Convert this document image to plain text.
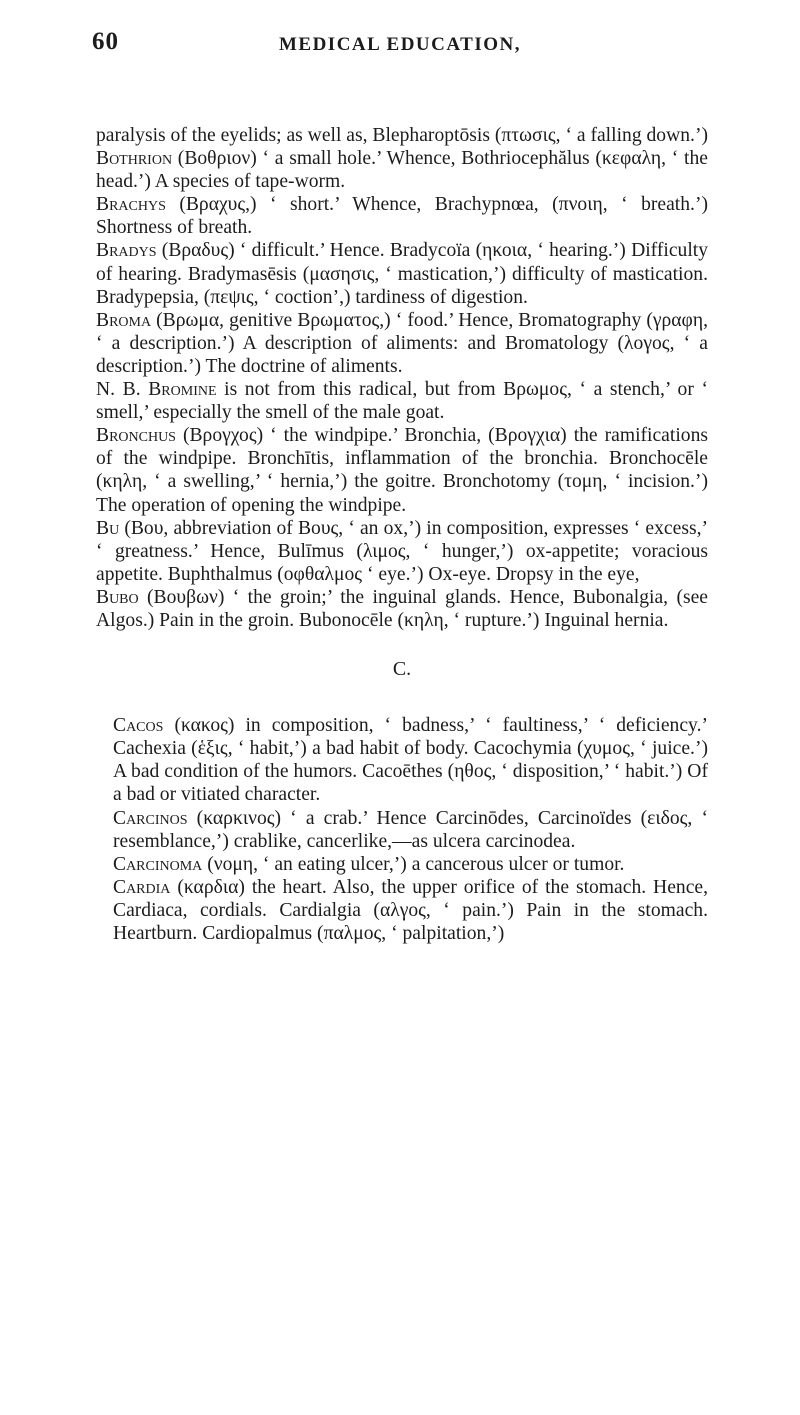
60	MEDICAL EDUCATION,

paralysis of the eyelids; as well as, Blepharoptōsis (πτωσις, ‘ a falling down.’)

Bothrion (Βοθριον) ‘ a small hole.’ Whence, Bothriocephălus (κεφαλη, ‘ the head.’) A species of tape-worm.

Brachys (Βραχυς,) ‘ short.’ Whence, Brachypnœa, (πνοιη, ‘ breath.’) Shortness of breath.

Bradys (Βραδυς) ‘ difficult.’ Hence. Bradycoïa (ηκοια, ‘ hearing.’) Difficulty of hearing. Bradymasēsis (μασησις, ‘ mastication,’) difficulty of mastication. Bradypepsia, (πεψις, ‘ coction’,) tardiness of digestion.

Broma (Βρωμα, genitive Βρωματος,) ‘ food.’ Hence, Bromatography (γραφη, ‘ a description.’) A description of aliments: and Bromatology (λογος, ‘ a description.’) The doctrine of aliments.

N. B. Bromine is not from this radical, but from Βρωμος, ‘ a stench,’ or ‘ smell,’ especially the smell of the male goat.

Bronchus (Βρογχος) ‘ the windpipe.’ Bronchia, (Βρογχια) the ramifications of the windpipe. Bronchītis, inflammation of the bronchia. Bronchocēle (κηλη, ‘ a swelling,’ ‘ hernia,’) the goitre. Bronchotomy (τομη, ‘ incision.’) The operation of opening the windpipe.

Bu (Βου, abbreviation of Βους, ‘ an ox,’) in composition, expresses ‘ excess,’ ‘ greatness.’ Hence, Bulīmus (λιμος, ‘ hunger,’) ox-appetite; voracious appetite. Buphthalmus (οφθαλμος ‘ eye.’) Ox-eye. Dropsy in the eye,

Bubo (Βουβων) ‘ the groin;’ the inguinal glands. Hence, Bubonalgia, (see Algos.) Pain in the groin. Bubonocēle (κηλη, ‘ rupture.’) Inguinal hernia.

C.

Cacos (κακος) in composition, ‘ badness,’ ‘ faultiness,’ ‘ deficiency.’ Cachexia (ἑξις, ‘ habit,’) a bad habit of body. Cacochymia (χυμος, ‘ juice.’) A bad condition of the humors. Cacoēthes (ηθος, ‘ disposition,’ ‘ habit.’) Of a bad or vitiated character.

Carcinos (καρκινος) ‘ a crab.’ Hence Carcinōdes, Carcinoïdes (ειδος, ‘ resemblance,’) crablike, cancerlike,—as ulcera carcinodea.

Carcinoma (νομη, ‘ an eating ulcer,’) a cancerous ulcer or tumor.

Cardia (καρδια) the heart. Also, the upper orifice of the stomach. Hence, Cardiaca, cordials. Cardialgia (αλγος, ‘ pain.’) Pain in the stomach. Heartburn. Cardiopalmus (παλμος, ‘ palpitation,’)
